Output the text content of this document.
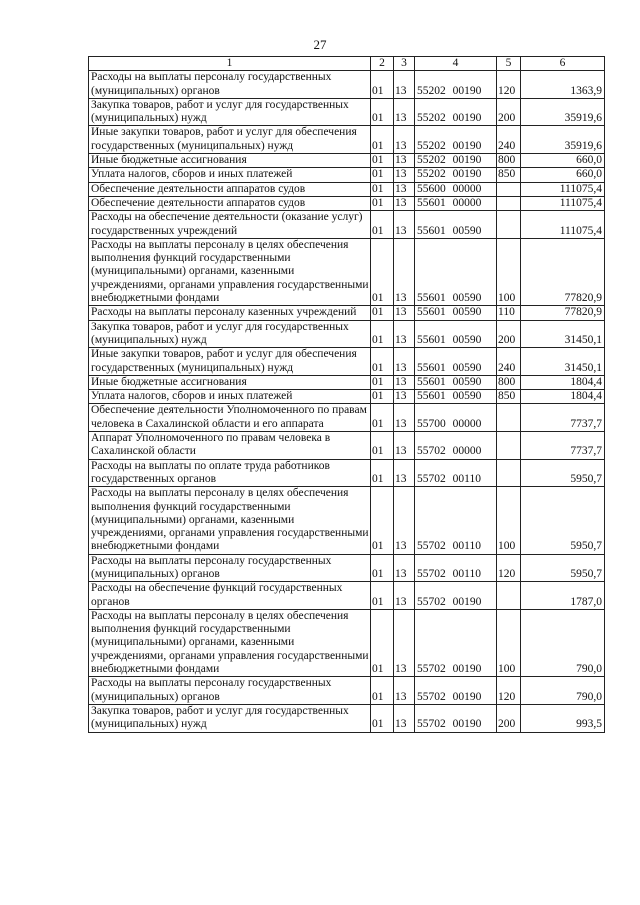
27
1	2	3	4	5	6
Расходы на выплаты персоналу государственных (муниципальных) органов	01	13	55202 00190	120	1363,9
Закупка товаров, работ и услуг для государственных (муниципальных) нужд	01	13	55202 00190	200	35919,6
Иные закупки товаров, работ и услуг для обеспечения государственных (муниципальных) нужд	01	13	55202 00190	240	35919,6
Иные бюджетные ассигнования	01	13	55202 00190	800	660,0
Уплата налогов, сборов и иных платежей	01	13	55202 00190	850	660,0
Обеспечение деятельности аппаратов судов	01	13	55600 00000		111075,4
Обеспечение деятельности аппаратов судов	01	13	55601 00000		111075,4
Расходы на обеспечение деятельности (оказание услуг) государственных учреждений	01	13	55601 00590		111075,4
Расходы на выплаты персоналу в целях обеспечения выполнения функций государственными (муниципальными) органами, казенными учреждениями, органами управления государственными внебюджетными фондами	01	13	55601 00590	100	77820,9
Расходы на выплаты персоналу казенных учреждений	01	13	55601 00590	110	77820,9
Закупка товаров, работ и услуг для государственных (муниципальных) нужд	01	13	55601 00590	200	31450,1
Иные закупки товаров, работ и услуг для обеспечения государственных (муниципальных) нужд	01	13	55601 00590	240	31450,1
Иные бюджетные ассигнования	01	13	55601 00590	800	1804,4
Уплата налогов, сборов и иных платежей	01	13	55601 00590	850	1804,4
Обеспечение деятельности Уполномоченного по правам человека в Сахалинской области и его аппарата	01	13	55700 00000		7737,7
Аппарат Уполномоченного по правам человека в Сахалинской области	01	13	55702 00000		7737,7
Расходы на выплаты по оплате труда работников государственных органов	01	13	55702 00110		5950,7
Расходы на выплаты персоналу в целях обеспечения выполнения функций государственными (муниципальными) органами, казенными учреждениями, органами управления государственными внебюджетными фондами	01	13	55702 00110	100	5950,7
Расходы на выплаты персоналу государственных (муниципальных) органов	01	13	55702 00110	120	5950,7
Расходы на обеспечение функций государственных органов	01	13	55702 00190		1787,0
Расходы на выплаты персоналу в целях обеспечения выполнения функций государственными (муниципальными) органами, казенными учреждениями, органами управления государственными внебюджетными фондами	01	13	55702 00190	100	790,0
Расходы на выплаты персоналу государственных (муниципальных) органов	01	13	55702 00190	120	790,0
Закупка товаров, работ и услуг для государственных (муниципальных) нужд	01	13	55702 00190	200	993,5
